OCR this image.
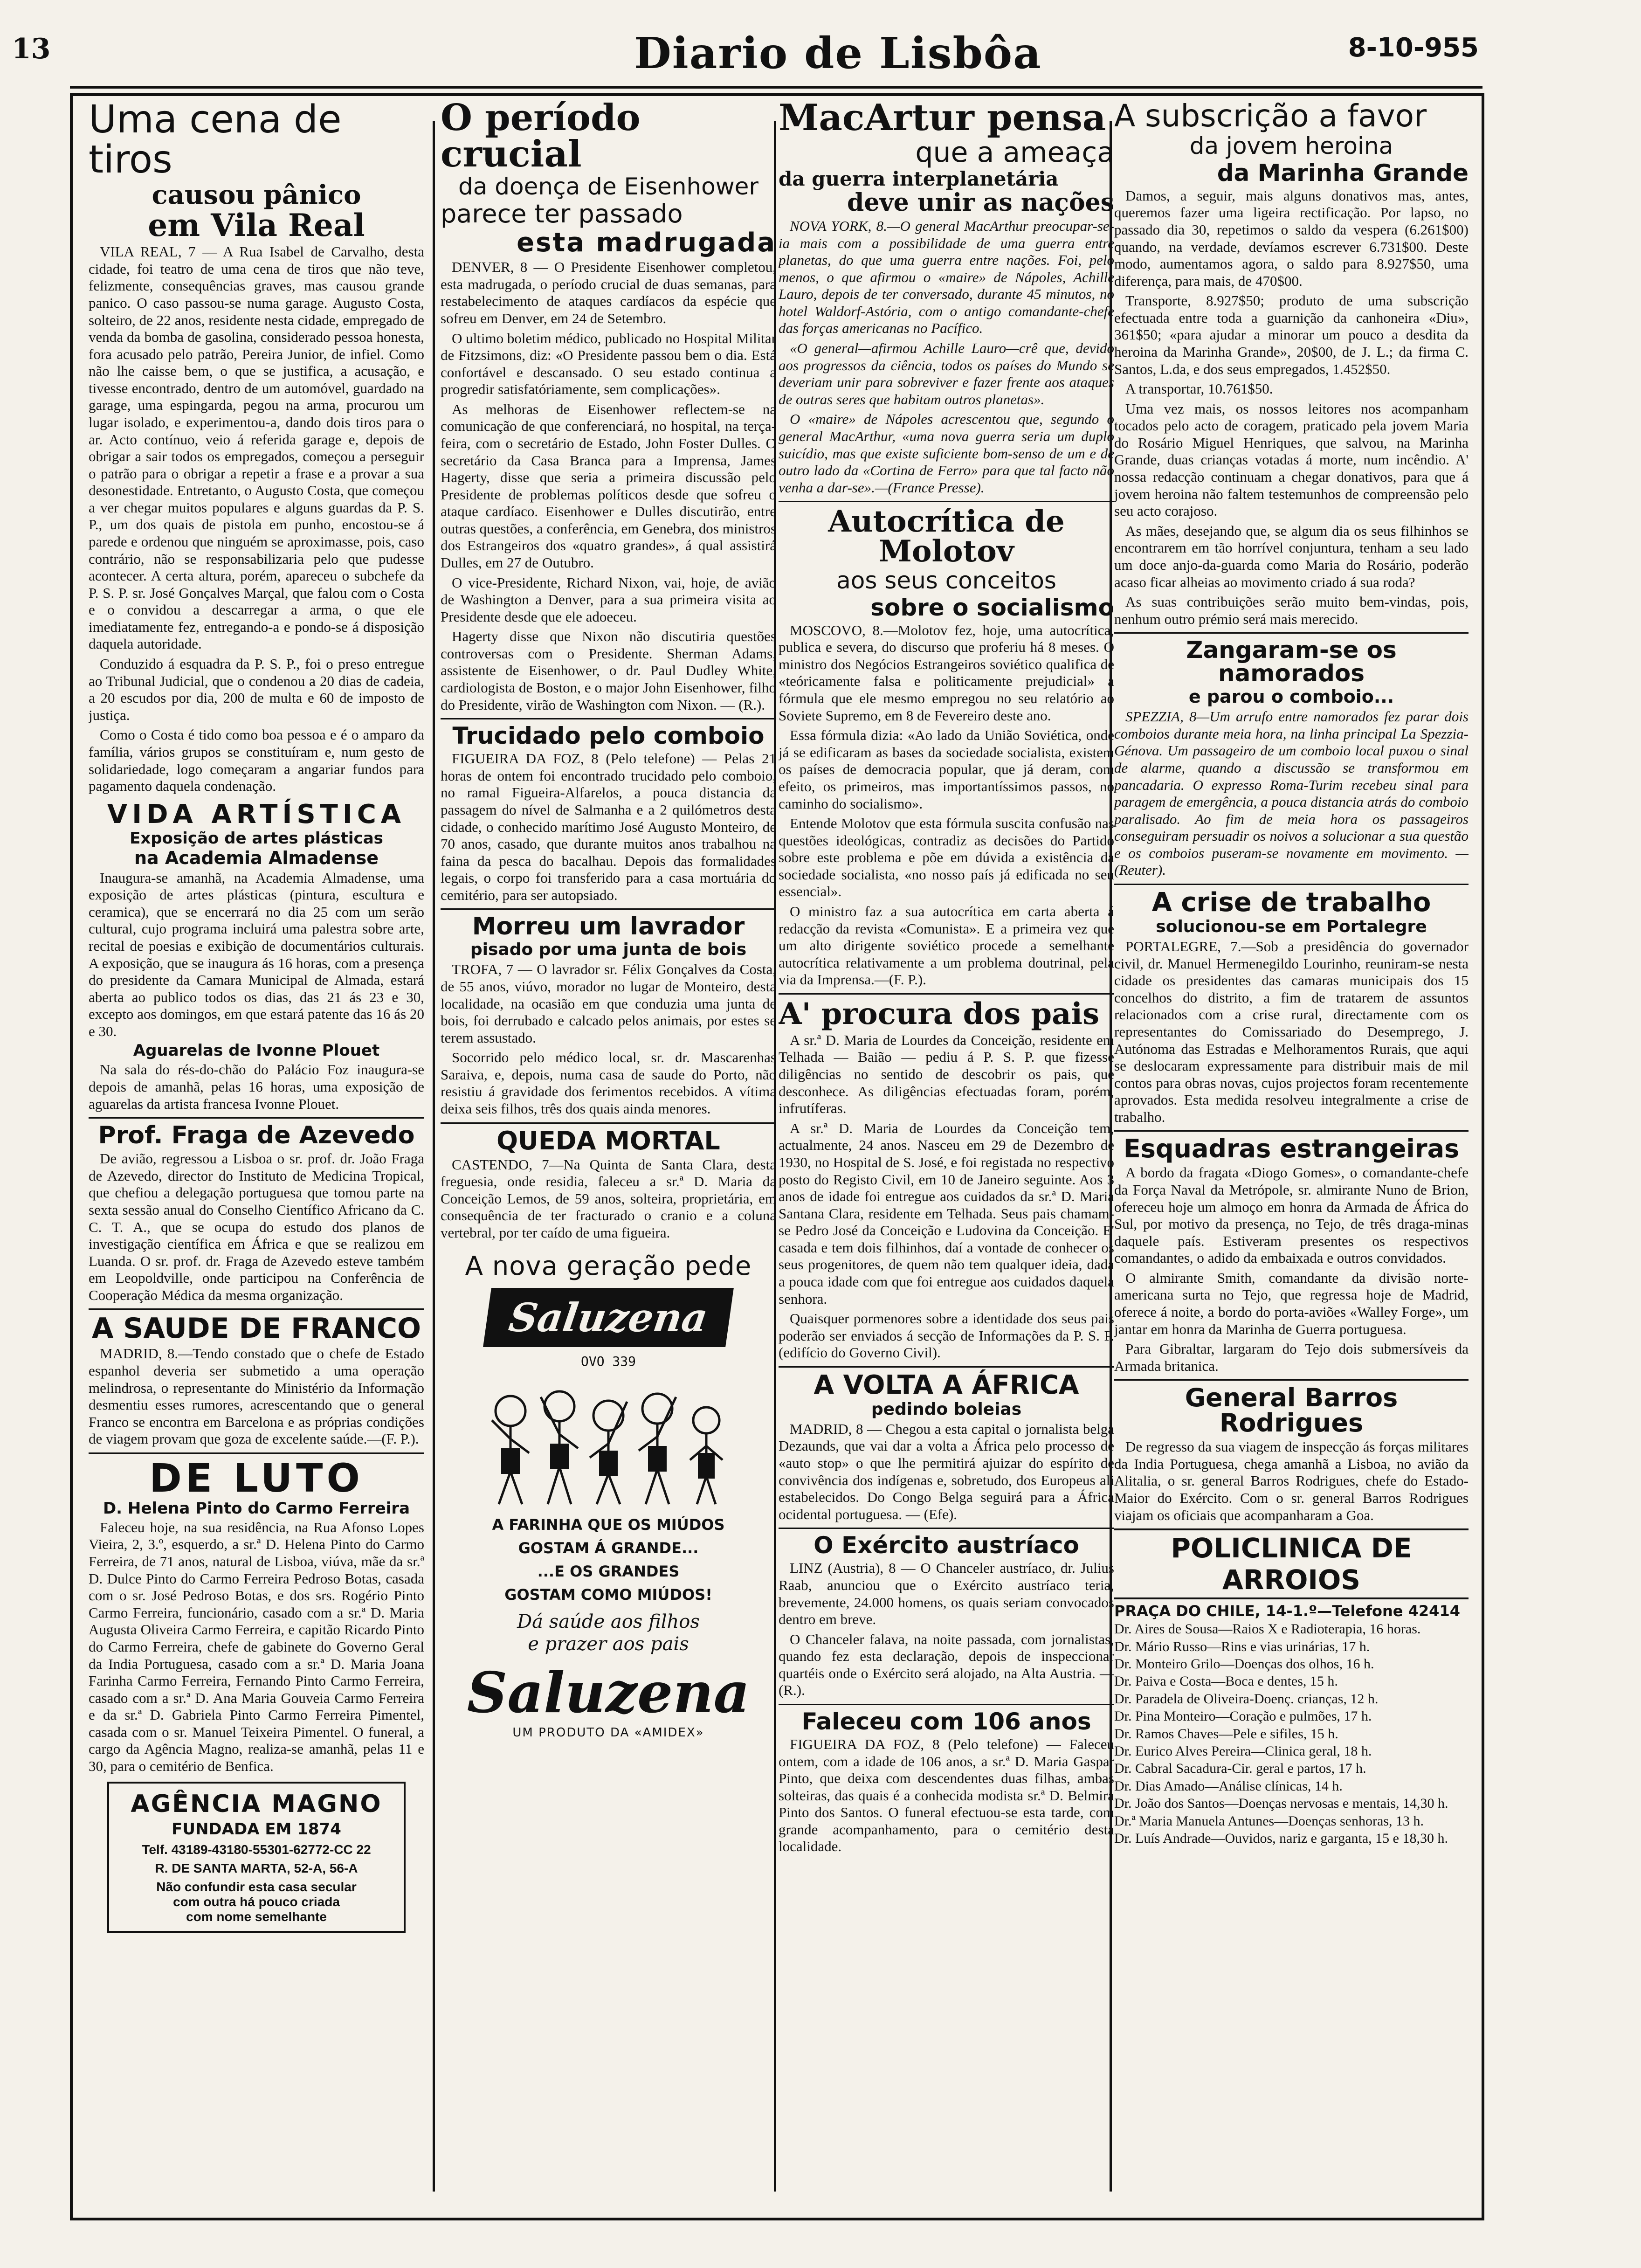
13	Diario de Lisbôa	8-10-955
Uma cena de tiros
causou pânico
em Vila Real

VILA REAL, 7 — A Rua Isabel de Carvalho, desta cidade, foi teatro de uma cena de tiros que não teve, felizmente, consequências graves, mas causou grande panico. O caso passou-se numa garage. Augusto Costa, solteiro, de 22 anos, residente nesta cidade, empregado de venda da bomba de gasolina, considerado pessoa honesta, fora acusado pelo patrão, Pereira Junior, de infiel. Como não lhe caisse bem, o que se justifica, a acusação, e tivesse encontrado, dentro de um automóvel, guardado na garage, uma espingarda, pegou na arma, procurou um lugar isolado, e experimentou-a, dando dois tiros para o ar. Acto contínuo, veio á referida garage e, depois de obrigar a sair todos os empregados, começou a perseguir o patrão para o obrigar a repetir a frase e a provar a sua desonestidade. Entretanto, o Augusto Costa, que começou a ver chegar muitos populares e alguns guardas da P. S. P., um dos quais de pistola em punho, encostou-se á parede e ordenou que ninguém se aproximasse, pois, caso contrário, não se responsabilizaria pelo que pudesse acontecer. A certa altura, porém, apareceu o subchefe da P. S. P. sr. José Gonçalves Marçal, que falou com o Costa e o convidou a descarregar a arma, o que ele imediatamente fez, entregando-a e pondo-se á disposição daquela autoridade.

Conduzido á esquadra da P. S. P., foi o preso entregue ao Tribunal Judicial, que o condenou a 20 dias de cadeia, a 20 escudos por dia, 200 de multa e 60 de imposto de justiça.

Como o Costa é tido como boa pessoa e é o amparo da família, vários grupos se constituíram e, num gesto de solidariedade, logo começaram a angariar fundos para pagamento daquela condenação.

VIDA ARTÍSTICA
Exposição de artes plásticas
na Academia Almadense

Inaugura-se amanhã, na Academia Almadense, uma exposição de artes plásticas (pintura, escultura e ceramica), que se encerrará no dia 25 com um serão cultural, cujo programa incluirá uma palestra sobre arte, recital de poesias e exibição de documentários culturais. A exposição, que se inaugura ás 16 horas, com a presença do presidente da Camara Municipal de Almada, estará aberta ao publico todos os dias, das 21 ás 23 e 30, excepto aos domingos, em que estará patente das 16 ás 20 e 30.

Aguarelas de Ivonne Plouet

Na sala do rés-do-chão do Palácio Foz inaugura-se depois de amanhã, pelas 16 horas, uma exposição de aguarelas da artista francesa Ivonne Plouet.

Prof. Fraga de Azevedo

De avião, regressou a Lisboa o sr. prof. dr. João Fraga de Azevedo, director do Instituto de Medicina Tropical, que chefiou a delegação portuguesa que tomou parte na sexta sessão anual do Conselho Científico Africano da C. C. T. A., que se ocupa do estudo dos planos de investigação científica em África e que se realizou em Luanda. O sr. prof. dr. Fraga de Azevedo esteve também em Leopoldville, onde participou na Conferência de Cooperação Médica da mesma organização.

A SAUDE DE FRANCO

MADRID, 8.—Tendo constado que o chefe de Estado espanhol deveria ser submetido a uma operação melindrosa, o representante do Ministério da Informação desmentiu esses rumores, acrescentando que o general Franco se encontra em Barcelona e as próprias condições de viagem provam que goza de excelente saúde.—(F. P.).

DE LUTO
D. Helena Pinto do Carmo Ferreira

Faleceu hoje, na sua residência, na Rua Afonso Lopes Vieira, 2, 3.º, esquerdo, a sr.ª D. Helena Pinto do Carmo Ferreira, de 71 anos, natural de Lisboa, viúva, mãe da sr.ª D. Dulce Pinto do Carmo Ferreira Pedroso Botas, casada com o sr. José Pedroso Botas, e dos srs. Rogério Pinto Carmo Ferreira, funcionário, casado com a sr.ª D. Maria Augusta Oliveira Carmo Ferreira, e capitão Ricardo Pinto do Carmo Ferreira, chefe de gabinete do Governo Geral da India Portuguesa, casado com a sr.ª D. Maria Joana Farinha Carmo Ferreira, Fernando Pinto Carmo Ferreira, casado com a sr.ª D. Ana Maria Gouveia Carmo Ferreira e da sr.ª D. Gabriela Pinto Carmo Ferreira Pimentel, casada com o sr. Manuel Teixeira Pimentel. O funeral, a cargo da Agência Magno, realiza-se amanhã, pelas 11 e 30, para o cemitério de Benfica.

AGÊNCIA MAGNO
FUNDADA EM 1874
Telf. 43189-43180-55301-62772-CC 22
R. DE SANTA MARTA, 52-A, 56-A
Não confundir esta casa secular
com outra há pouco criada
com nome semelhante
O período crucial
da doença de Eisenhower
parece ter passado
esta madrugada

DENVER, 8 — O Presidente Eisenhower completou, esta madrugada, o período crucial de duas semanas, para restabelecimento de ataques cardíacos da espécie que sofreu em Denver, em 24 de Setembro.

O ultimo boletim médico, publicado no Hospital Militar de Fitzsimons, diz: «O Presidente passou bem o dia. Está confortável e descansado. O seu estado continua a progredir satisfatóriamente, sem complicações».

As melhoras de Eisenhower reflectem-se na comunicação de que conferenciará, no hospital, na terça-feira, com o secretário de Estado, John Foster Dulles. O secretário da Casa Branca para a Imprensa, James Hagerty, disse que seria a primeira discussão pelo Presidente de problemas políticos desde que sofreu o ataque cardíaco. Eisenhower e Dulles discutirão, entre outras questões, a conferência, em Genebra, dos ministros dos Estrangeiros dos «quatro grandes», á qual assistirá Dulles, em 27 de Outubro.

O vice-Presidente, Richard Nixon, vai, hoje, de avião de Washington a Denver, para a sua primeira visita ao Presidente desde que ele adoeceu.

Hagerty disse que Nixon não discutiria questões controversas com o Presidente. Sherman Adams, assistente de Eisenhower, o dr. Paul Dudley White, cardiologista de Boston, e o major John Eisenhower, filho do Presidente, virão de Washington com Nixon. — (R.).

Trucidado pelo comboio

FIGUEIRA DA FOZ, 8 (Pelo telefone) — Pelas 21 horas de ontem foi encontrado trucidado pelo comboio, no ramal Figueira-Alfarelos, a pouca distancia da passagem do nível de Salmanha e a 2 quilómetros desta cidade, o conhecido marítimo José Augusto Monteiro, de 70 anos, casado, que durante muitos anos trabalhou na faina da pesca do bacalhau. Depois das formalidades legais, o corpo foi transferido para a casa mortuária do cemitério, para ser autopsiado.

Morreu um lavrador
pisado por uma junta de bois

TROFA, 7 — O lavrador sr. Félix Gonçalves da Costa, de 55 anos, viúvo, morador no lugar de Monteiro, desta localidade, na ocasião em que conduzia uma junta de bois, foi derrubado e calcado pelos animais, por estes se terem assustado.

Socorrido pelo médico local, sr. dr. Mascarenhas Saraiva, e, depois, numa casa de saude do Porto, não resistiu á gravidade dos ferimentos recebidos. A vítima deixa seis filhos, três dos quais ainda menores.

QUEDA MORTAL

CASTENDO, 7—Na Quinta de Santa Clara, desta freguesia, onde residia, faleceu a sr.ª D. Maria da Conceição Lemos, de 59 anos, solteira, proprietária, em consequência de ter fracturado o cranio e a coluna vertebral, por ter caído de uma figueira.

A nova geração pede
Saluzena
OVO 339
A FARINHA QUE OS MIÚDOS
GOSTAM Á GRANDE...
...E OS GRANDES
GOSTAM COMO MIÚDOS!
Dá saúde aos filhos
e prazer aos pais
Saluzena
UM PRODUTO DA «AMIDEX»
MacArtur pensa
que a ameaça
da guerra interplanetária
deve unir as nações

NOVA YORK, 8.—O general MacArthur preocupar-se-ia mais com a possibilidade de uma guerra entre planetas, do que uma guerra entre nações. Foi, pelo menos, o que afirmou o «maire» de Nápoles, Achille Lauro, depois de ter conversado, durante 45 minutos, no hotel Waldorf-Astória, com o antigo comandante-chefe das forças americanas no Pacífico.

«O general—afirmou Achille Lauro—crê que, devido aos progressos da ciência, todos os países do Mundo se deveriam unir para sobreviver e fazer frente aos ataques de outras seres que habitam outros planetas».

O «maire» de Nápoles acrescentou que, segundo o general MacArthur, «uma nova guerra seria um duplo suicídio, mas que existe suficiente bom-senso de um e de outro lado da «Cortina de Ferro» para que tal facto não venha a dar-se».—(France Presse).

Autocrítica de Molotov
aos seus conceitos
sobre o socialismo

MOSCOVO, 8.—Molotov fez, hoje, uma autocrítica, publica e severa, do discurso que proferiu há 8 meses. O ministro dos Negócios Estrangeiros soviético qualifica de «teóricamente falsa e politicamente prejudicial» a fórmula que ele mesmo empregou no seu relatório ao Soviete Supremo, em 8 de Fevereiro deste ano.

Essa fórmula dizia: «Ao lado da União Soviética, onde já se edificaram as bases da sociedade socialista, existem os países de democracia popular, que já deram, com efeito, os primeiros, mas importantíssimos passos, no caminho do socialismo».

Entende Molotov que esta fórmula suscita confusão nas questões ideológicas, contradiz as decisões do Partido sobre este problema e põe em dúvida a existência da sociedade socialista, «no nosso país já edificada no seu essencial».

O ministro faz a sua autocrítica em carta aberta á redacção da revista «Comunista». E a primeira vez que um alto dirigente soviético procede a semelhante autocrítica relativamente a um problema doutrinal, pela via da Imprensa.—(F. P.).

A' procura dos pais

A sr.ª D. Maria de Lourdes da Conceição, residente em Telhada — Baião — pediu á P. S. P. que fizesse diligências no sentido de descobrir os pais, que desconhece. As diligências efectuadas foram, porém, infrutíferas.

A sr.ª D. Maria de Lourdes da Conceição tem, actualmente, 24 anos. Nasceu em 29 de Dezembro de 1930, no Hospital de S. José, e foi registada no respectivo posto do Registo Civil, em 10 de Janeiro seguinte. Aos 3 anos de idade foi entregue aos cuidados da sr.ª D. Maria Santana Clara, residente em Telhada. Seus pais chamam-se Pedro José da Conceição e Ludovina da Conceição. E' casada e tem dois filhinhos, daí a vontade de conhecer os seus progenitores, de quem não tem qualquer ideia, dada a pouca idade com que foi entregue aos cuidados daquela senhora.

Quaisquer pormenores sobre a identidade dos seus pais poderão ser enviados á secção de Informações da P. S. P. (edifício do Governo Civil).

A VOLTA A ÁFRICA
pedindo boleias

MADRID, 8 — Chegou a esta capital o jornalista belga Dezaunds, que vai dar a volta a África pelo processo de «auto stop» o que lhe permitirá ajuizar do espírito de convivência dos indígenas e, sobretudo, dos Europeus ali estabelecidos. Do Congo Belga seguirá para a África ocidental portuguesa. — (Efe).

O Exército austríaco

LINZ (Austria), 8 — O Chanceler austríaco, dr. Julius Raab, anunciou que o Exército austríaco teria, brevemente, 24.000 homens, os quais seriam convocados dentro em breve.

O Chanceler falava, na noite passada, com jornalistas, quando fez esta declaração, depois de inspeccionar quartéis onde o Exército será alojado, na Alta Austria. — (R.).

Faleceu com 106 anos

FIGUEIRA DA FOZ, 8 (Pelo telefone) — Faleceu ontem, com a idade de 106 anos, a sr.ª D. Maria Gaspar Pinto, que deixa com descendentes duas filhas, ambas solteiras, das quais é a conhecida modista sr.ª D. Belmira Pinto dos Santos. O funeral efectuou-se esta tarde, com grande acompanhamento, para o cemitério desta localidade.

A subscrição a favor
da jovem heroina
da Marinha Grande

Damos, a seguir, mais alguns donativos mas, antes, queremos fazer uma ligeira rectificação. Por lapso, no passado dia 30, repetimos o saldo da vespera (6.261$00) quando, na verdade, devíamos escrever 6.731$00. Deste modo, aumentamos agora, o saldo para 8.927$50, uma diferença, para mais, de 470$00.

Transporte, 8.927$50; produto de uma subscrição efectuada entre toda a guarnição da canhoneira «Diu», 361$50; «para ajudar a minorar um pouco a desdita da heroina da Marinha Grande», 20$00, de J. L.; da firma C. Santos, L.da, e dos seus empregados, 1.452$50.

A transportar, 10.761$50.

Uma vez mais, os nossos leitores nos acompanham tocados pelo acto de coragem, praticado pela jovem Maria do Rosário Miguel Henriques, que salvou, na Marinha Grande, duas crianças votadas á morte, num incêndio. A' nossa redacção continuam a chegar donativos, para que á jovem heroina não faltem testemunhos de compreensão pelo seu acto corajoso.

As mães, desejando que, se algum dia os seus filhinhos se encontrarem em tão horrível conjuntura, tenham a seu lado um doce anjo-da-guarda como Maria do Rosário, poderão acaso ficar alheias ao movimento criado á sua roda?

As suas contribuições serão muito bem-vindas, pois, nenhum outro prémio será mais merecido.

Zangaram-se os namorados
e parou o comboio...

SPEZZIA, 8—Um arrufo entre namorados fez parar dois comboios durante meia hora, na linha principal La Spezzia-Génova. Um passageiro de um comboio local puxou o sinal de alarme, quando a discussão se transformou em pancadaria. O expresso Roma-Turim recebeu sinal para paragem de emergência, a pouca distancia atrás do comboio paralisado. Ao fim de meia hora os passageiros conseguiram persuadir os noivos a solucionar a sua questão e os comboios puseram-se novamente em movimento. — (Reuter).

A crise de trabalho
solucionou-se em Portalegre

PORTALEGRE, 7.—Sob a presidência do governador civil, dr. Manuel Hermenegildo Lourinho, reuniram-se nesta cidade os presidentes das camaras municipais dos 15 concelhos do distrito, a fim de tratarem de assuntos relacionados com a crise rural, directamente com os representantes do Comissariado do Desemprego, J. Autónoma das Estradas e Melhoramentos Rurais, que aqui se deslocaram expressamente para distribuir mais de mil contos para obras novas, cujos projectos foram recentemente aprovados. Esta medida resolveu integralmente a crise de trabalho.

Esquadras estrangeiras

A bordo da fragata «Diogo Gomes», o comandante-chefe da Força Naval da Metrópole, sr. almirante Nuno de Brion, ofereceu hoje um almoço em honra da Armada de África do Sul, por motivo da presença, no Tejo, de três draga-minas daquele país. Estiveram presentes os respectivos comandantes, o adido da embaixada e outros convidados.

O almirante Smith, comandante da divisão norte-americana surta no Tejo, que regressa hoje de Madrid, oferece á noite, a bordo do porta-aviões «Walley Forge», um jantar em honra da Marinha de Guerra portuguesa.

Para Gibraltar, largaram do Tejo dois submersíveis da Armada britanica.

General Barros Rodrigues

De regresso da sua viagem de inspecção ás forças militares da India Portuguesa, chega amanhã a Lisboa, no avião da Alitalia, o sr. general Barros Rodrigues, chefe do Estado-Maior do Exército. Com o sr. general Barros Rodrigues viajam os oficiais que acompanharam a Goa.

POLICLINICA DE ARROIOS
PRAÇA DO CHILE, 14-1.º—Telefone 42414
Dr. Aires de Sousa—Raios X e Radioterapia, 16 horas.
Dr. Mário Russo—Rins e vias urinárias, 17 h.
Dr. Monteiro Grilo—Doenças dos olhos, 16 h.
Dr. Paiva e Costa—Boca e dentes, 15 h.
Dr. Paradela de Oliveira-Doenç. crianças, 12 h.
Dr. Pina Monteiro—Coração e pulmões, 17 h.
Dr. Ramos Chaves—Pele e sifiles, 15 h.
Dr. Eurico Alves Pereira—Clinica geral, 18 h.
Dr. Cabral Sacadura-Cir. geral e partos, 17 h.
Dr. Dias Amado—Análise clínicas, 14 h.
Dr. João dos Santos—Doenças nervosas e mentais, 14,30 h.
Dr.ª Maria Manuela Antunes—Doenças senhoras, 13 h.
Dr. Luís Andrade—Ouvidos, nariz e garganta, 15 e 18,30 h.
